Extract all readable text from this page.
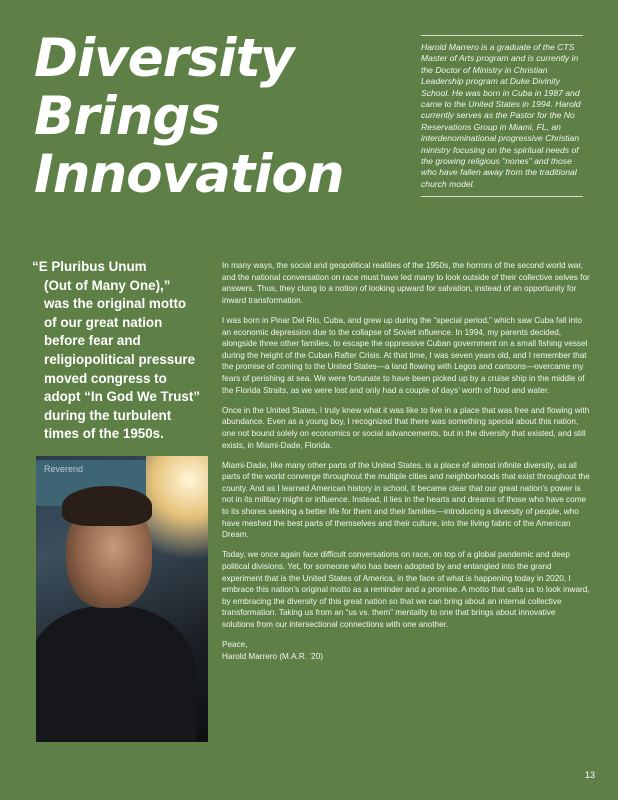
Diversity
Brings
Innovation
Harold Marrero is a graduate of the CTS Master of Arts program and is currently in the Doctor of Ministry in Christian Leadership program at Duke Divinity School. He was born in Cuba in 1987 and came to the United States in 1994. Harold currently serves as the Pastor for the No Reservations Group in Miami, FL, an interdenominational progressive Christian ministry focusing on the spiritual needs of the growing religious "nones" and those who have fallen away from the traditional church model.
“E Pluribus Unum
(Out of Many One),”
was the original motto
of our great nation
before fear and
religiopolitical pressure
moved congress to
adopt “In God We Trust”
during the turbulent
times of the 1950s.
Reverend

In many ways, the social and geopolitical realities of the 1950s, the horrors of the second world war, and the national conversation on race must have led many to look outside of their collective selves for answers. Thus, they clung to a notion of looking upward for salvation, instead of an opportunity for inward transformation.

I was born in Pinar Del Rio, Cuba, and grew up during the “special period,” which saw Cuba fall into an economic depression due to the collapse of Soviet influence. In 1994, my parents decided, alongside three other families, to escape the oppressive Cuban government on a small fishing vessel during the height of the Cuban Rafter Crisis. At that time, I was seven years old, and I remember that the promise of coming to the United States—a land flowing with Legos and cartoons—overcame my fears of perishing at sea. We were fortunate to have been picked up by a cruise ship in the middle of the Florida Straits, as we were lost and only had a couple of days’ worth of food and water.

Once in the United States, I truly knew what it was like to live in a place that was free and flowing with abundance. Even as a young boy, I recognized that there was something special about this nation, one not bound solely on economics or social advancements, but in the diversity that existed, and still exists, in Miami-Dade, Florida.

Miami-Dade, like many other parts of the United States, is a place of almost infinite diversity, as all parts of the world converge throughout the multiple cities and neighborhoods that exist throughout the county. And as I learned American history in school, it became clear that our great nation’s power is not in its military might or influence. Instead, it lies in the hearts and dreams of those who have come to its shores seeking a better life for them and their families—introducing a diversity of people, who have meshed the best parts of themselves and their culture, into the living fabric of the American Dream.

Today, we once again face difficult conversations on race, on top of a global pandemic and deep political divisions. Yet, for someone who has been adopted by and entangled into the grand experiment that is the United States of America, in the face of what is happening today in 2020, I embrace this nation’s original motto as a reminder and a promise. A motto that calls us to look inward, by embracing the diversity of this great nation so that we can bring about an internal collective transformation. Taking us from an “us vs. them” mentality to one that brings about innovative solutions from our intersectional connections with one another.

Peace,

Harold Marrero (M.A.R. ’20)

13
